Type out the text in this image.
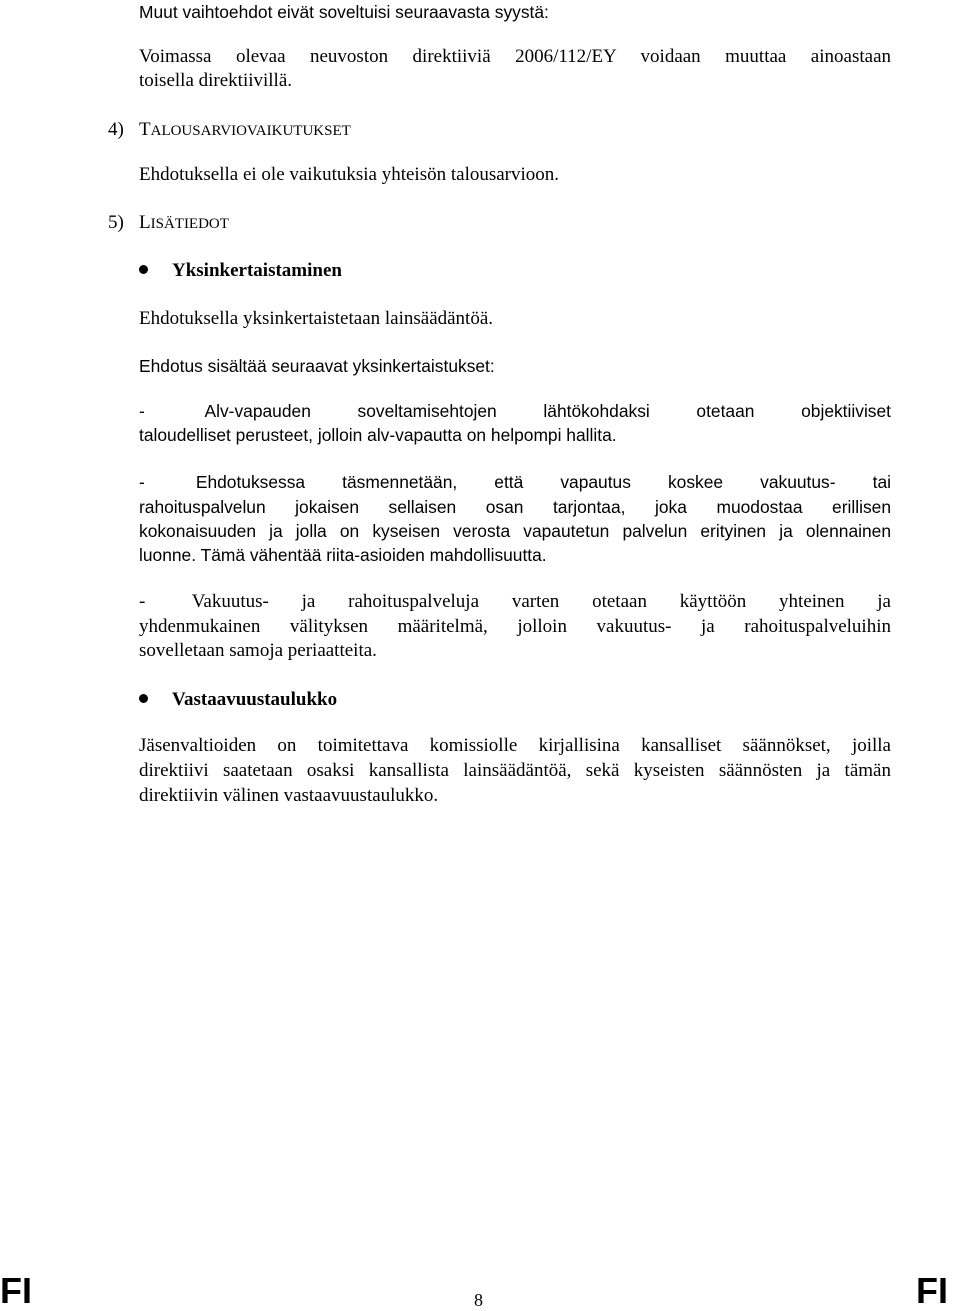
Muut vaihtoehdot eivät soveltuisi seuraavasta syystä:
Voimassa olevaa neuvoston direktiiviä 2006/112/EY voidaan muuttaa ainoastaan
toisella direktiivillä.
4) TALOUSARVIOVAIKUTUKSET
Ehdotuksella ei ole vaikutuksia yhteisön talousarvioon.
5) LISÄTIEDOT
Yksinkertaistaminen
Ehdotuksella yksinkertaistetaan lainsäädäntöä.
Ehdotus sisältää seuraavat yksinkertaistukset:
-	Alv-vapauden soveltamisehtojen lähtökohdaksi otetaan objektiiviset
taloudelliset perusteet, jolloin alv-vapautta on helpompi hallita.
-	Ehdotuksessa täsmennetään, että vapautus koskee vakuutus- tai
rahoituspalvelun jokaisen sellaisen osan tarjontaa, joka muodostaa erillisen
kokonaisuuden ja jolla on kyseisen verosta vapautetun palvelun erityinen ja olennainen
luonne. Tämä vähentää riita-asioiden mahdollisuutta.
- Vakuutus- ja rahoituspalveluja varten otetaan käyttöön yhteinen ja
yhdenmukainen välityksen määritelmä, jolloin vakuutus- ja rahoituspalveluihin
sovelletaan samoja periaatteita.
Vastaavuustaulukko
Jäsenvaltioiden on toimitettava komissiolle kirjallisina kansalliset säännökset, joilla
direktiivi saatetaan osaksi kansallista lainsäädäntöä, sekä kyseisten säännösten ja tämän
direktiivin välinen vastaavuustaulukko.
FI	8	FI
